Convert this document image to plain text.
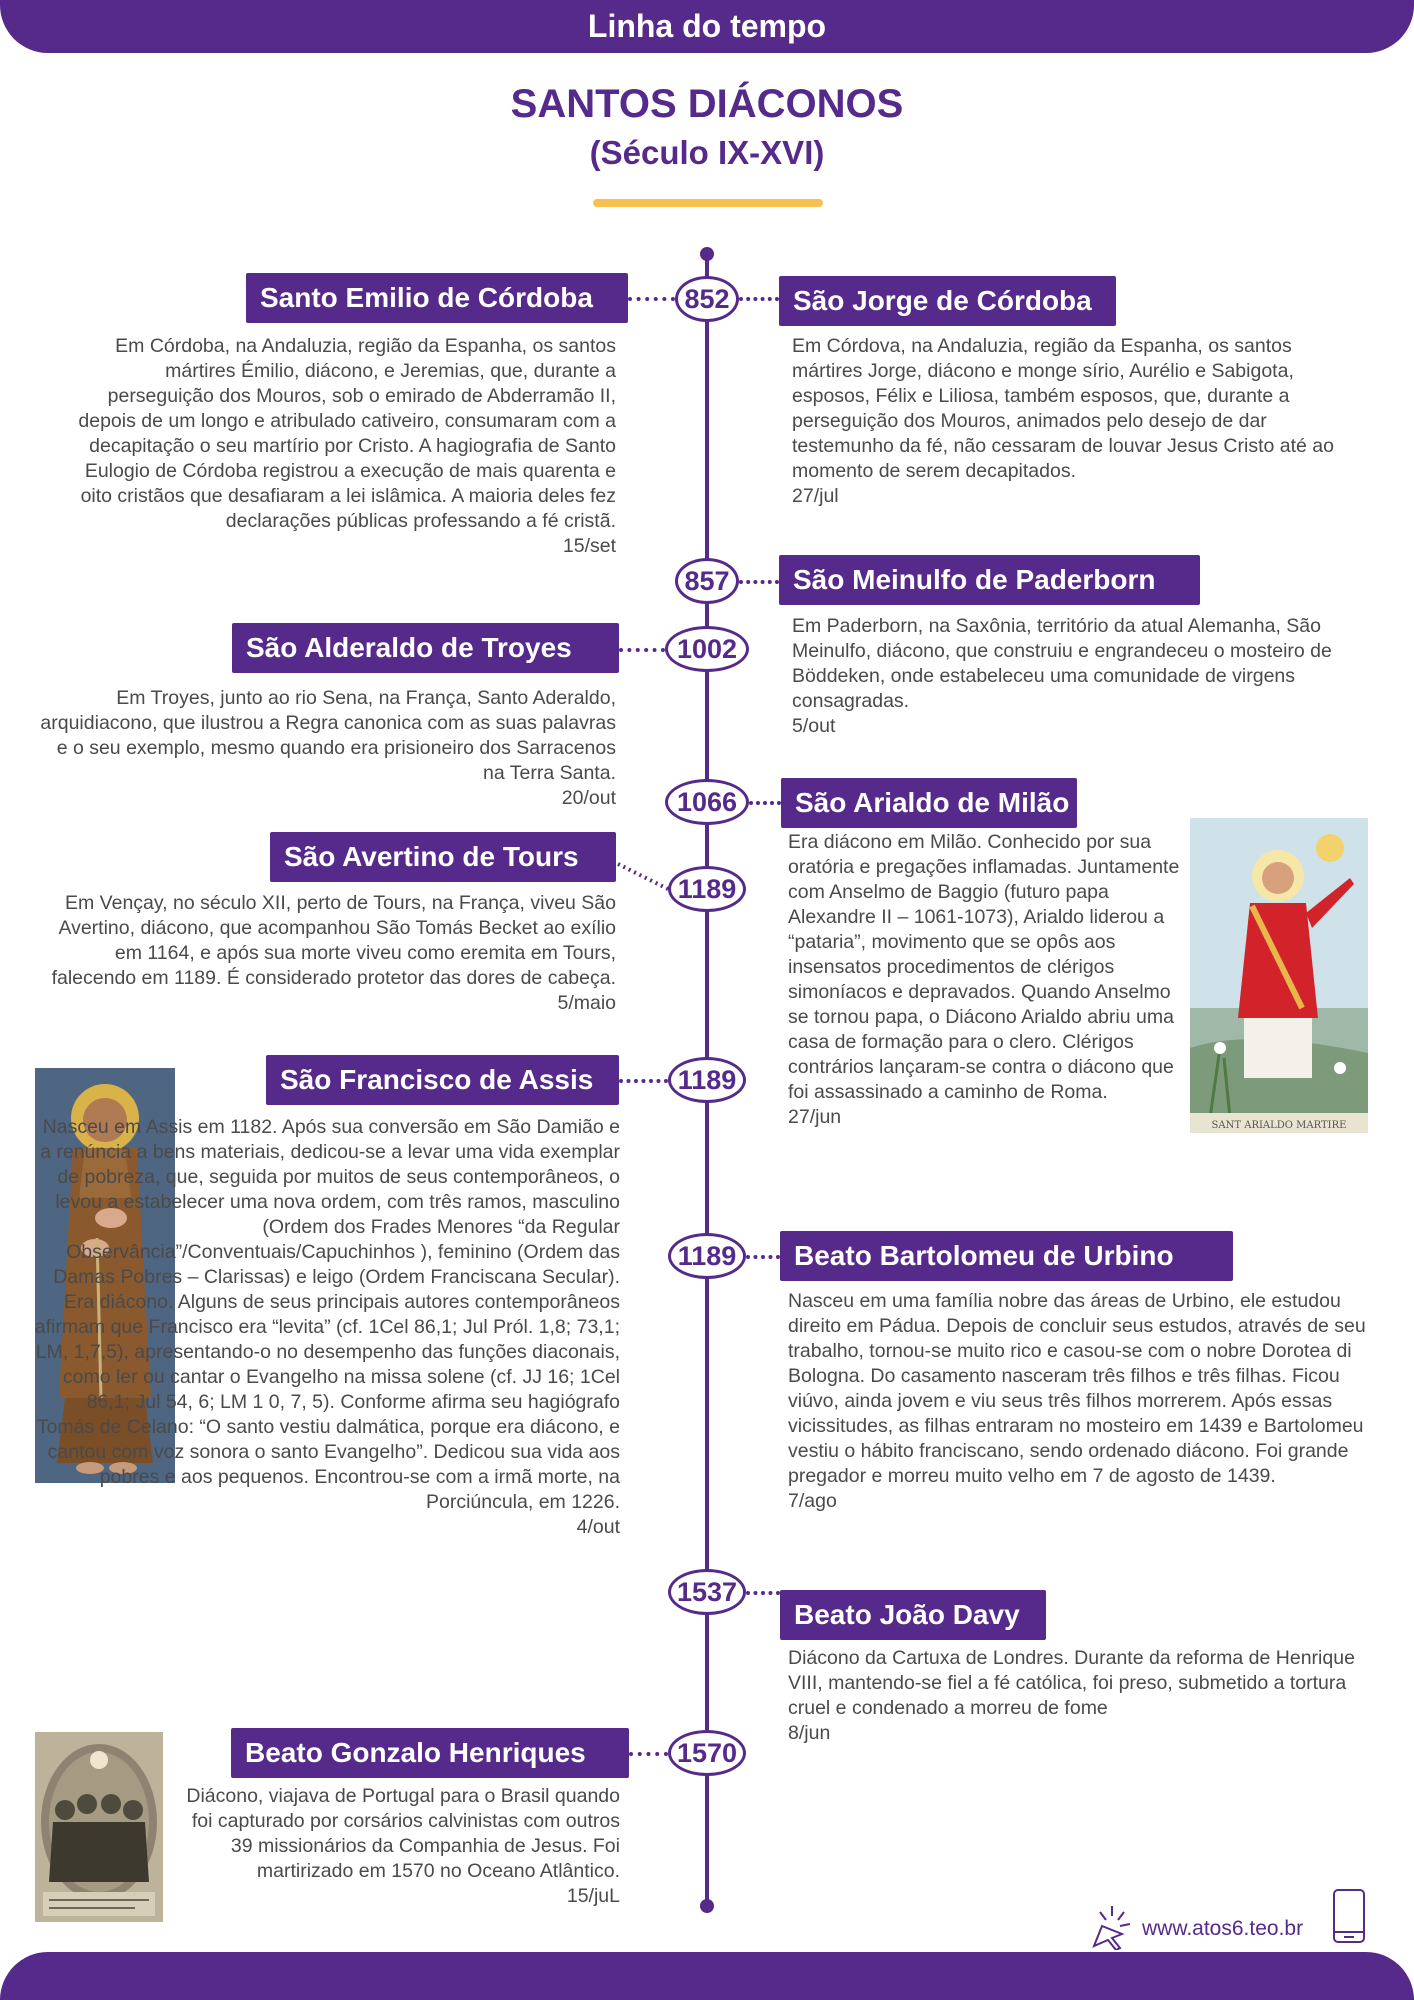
Linha do tempo
SANTOS DIÁCONOS
(Século IX-XVI)
852
Santo Emilio de Córdoba

Em Córdoba, na Andaluzia, região da Espanha, os santos mártires Émilio, diácono, e Jeremias, que, durante a perseguição dos Mouros, sob o emirado de Abderramão II, depois de um longo e atribulado cativeiro, consumaram com a decapitação o seu martírio por Cristo. A hagiografia de Santo Eulogio de Córdoba registrou a execução de mais quarenta e oito cristãos que desafiaram a lei islâmica. A maioria deles fez declarações públicas professando a fé cristã.
15/set

São Jorge de Córdoba

Em Córdova, na Andaluzia, região da Espanha, os santos mártires Jorge, diácono e monge sírio, Aurélio e Sabigota, esposos, Félix e Liliosa, também esposos, que, durante a perseguição dos Mouros, animados pelo desejo de dar testemunho da fé, não cessaram de louvar Jesus Cristo até ao momento de serem decapitados.
27/jul

857	São Meinulfo de Paderborn

Em Paderborn, na Saxônia, território da atual Alemanha, São Meinulfo, diácono, que construiu e engrandeceu o mosteiro de Böddeken, onde estabeleceu uma comunidade de virgens consagradas.
5/out

1002
São Alderaldo de Troyes

Em Troyes, junto ao rio Sena, na França, Santo Aderaldo, arquidiacono, que ilustrou a Regra canonica com as suas palavras e o seu exemplo, mesmo quando era prisioneiro dos Sarracenos na Terra Santa.
20/out	1066	São Arialdo de Milão

Era diácono em Milão. Conhecido por sua oratória e pregações inflamadas. Juntamente com Anselmo de Baggio (futuro papa Alexandre II – 1061-1073), Arialdo liderou a “pataria”, movimento que se opôs aos insensatos procedimentos de clérigos simoníacos e depravados. Quando Anselmo se tornou papa, o Diácono Arialdo abriu uma casa de formação para o clero. Clérigos contrários lançaram-se contra o diácono que foi assassinado a caminho de Roma.
27/jun	SANT ARIALDO MARTIRE
1189
São Avertino de Tours

Em Vençay, no século XII, perto de Tours, na França, viveu São Avertino, diácono, que acompanhou São Tomás Becket ao exílio em 1164, e após sua morte viveu como eremita em Tours, falecendo em 1189. É considerado protetor das dores de cabeça.
5/maio

1189
São Francisco de Assis

Nasceu em Assis em 1182. Após sua conversão em São Damião e a renúncia a bens materiais, dedicou-se a levar uma vida exemplar de pobreza, que, seguida por muitos de seus contemporâneos, o levou a estabelecer uma nova ordem, com três ramos, masculino (Ordem dos Frades Menores “da Regular Observância”/Conventuais/Capuchinhos ), feminino (Ordem das Damas Pobres – Clarissas) e leigo (Ordem Franciscana Secular). Era diácono. Alguns de seus principais autores contemporâneos afirmam que Francisco era “levita” (cf. 1Cel 86,1; Jul Pról. 1,8; 73,1; LM, 1,7,5), apresentando-o no desempenho das funções diaconais, como ler ou cantar o Evangelho na missa solene (cf. JJ 16; 1Cel 86,1; Jul 54, 6; LM 1 0, 7, 5). Conforme afirma seu hagiógrafo Tomás de Celano: “O santo vestiu dalmática, porque era diácono, e cantou com voz sonora o santo Evangelho”. Dedicou sua vida aos pobres e aos pequenos. Encontrou-se com a irmã morte, na Porciúncula, em 1226.
4/out

1189	Beato Bartolomeu de Urbino

Nasceu em uma família nobre das áreas de Urbino, ele estudou direito em Pádua. Depois de concluir seus estudos, através de seu trabalho, tornou-se muito rico e casou-se com o nobre Dorotea di Bologna. Do casamento nasceram três filhos e três filhas. Ficou viúvo, ainda jovem e viu seus três filhos morrerem. Após essas vicissitudes, as filhas entraram no mosteiro em 1439 e Bartolomeu vestiu o hábito franciscano, sendo ordenado diácono. Foi grande pregador e morreu muito velho em 7 de agosto de 1439.
7/ago

1537
Beato João Davy

Diácono da Cartuxa de Londres. Durante da reforma de Henrique VIII, mantendo-se fiel a fé católica, foi preso, submetido a tortura cruel e condenado a morreu de fome
8/jun

1570
Beato Gonzalo Henriques

Diácono, viajava de Portugal para o Brasil quando foi capturado por corsários calvinistas com outros 39 missionários da Companhia de Jesus. Foi martirizado em 1570 no Oceano Atlântico.
15/juL

www.atos6.teo.br
